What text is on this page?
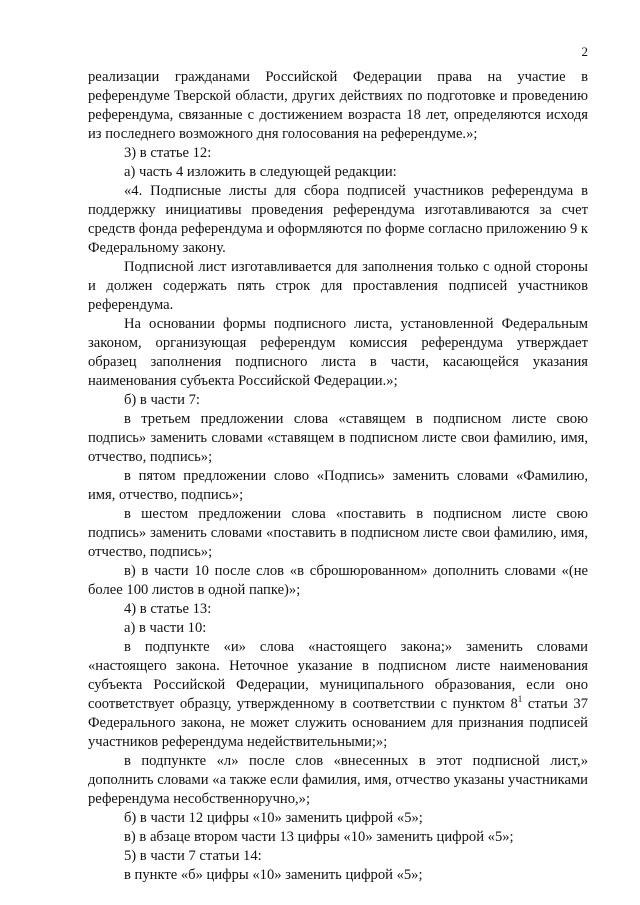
2

реализации гражданами Российской Федерации права на участие в референдуме Тверской области, других действиях по подготовке и проведению референдума, связанные с достижением возраста 18 лет, определяются исходя из последнего возможного дня голосования на референдуме.»;

3) в статье 12:

а) часть 4 изложить в следующей редакции:

«4. Подписные листы для сбора подписей участников референдума в поддержку инициативы проведения референдума изготавливаются за счет средств фонда референдума и оформляются по форме согласно приложению 9 к Федеральному закону.

Подписной лист изготавливается для заполнения только с одной стороны и должен содержать пять строк для проставления подписей участников референдума.

На основании формы подписного листа, установленной Федеральным законом, организующая референдум комиссия референдума утверждает образец заполнения подписного листа в части, касающейся указания наименования субъекта Российской Федерации.»;

б) в части 7:

в третьем предложении слова «ставящем в подписном листе свою подпись» заменить словами «ставящем в подписном листе свои фамилию, имя, отчество, подпись»;

в пятом предложении слово «Подпись» заменить словами «Фамилию, имя, отчество, подпись»;

в шестом предложении слова «поставить в подписном листе свою подпись» заменить словами «поставить в подписном листе свои фамилию, имя, отчество, подпись»;

в) в части 10 после слов «в сброшюрованном» дополнить словами «(не более 100 листов в одной папке)»;

4) в статье 13:

а) в части 10:

в подпункте «и» слова «настоящего закона;» заменить словами «настоящего закона. Неточное указание в подписном листе наименования субъекта Российской Федерации, муниципального образования, если оно соответствует образцу, утвержденному в соответствии с пунктом $8^1$ статьи 37 Федерального закона, не может служить основанием для признания подписей участников референдума недействительными;»;

в подпункте «л» после слов «внесенных в этот подписной лист,» дополнить словами «а также если фамилия, имя, отчество указаны участниками референдума несобственноручно,»;

б) в части 12 цифры «10» заменить цифрой «5»;

в) в абзаце втором части 13 цифры «10» заменить цифрой «5»;

5) в части 7 статьи 14:

в пункте «б» цифры «10» заменить цифрой «5»;
